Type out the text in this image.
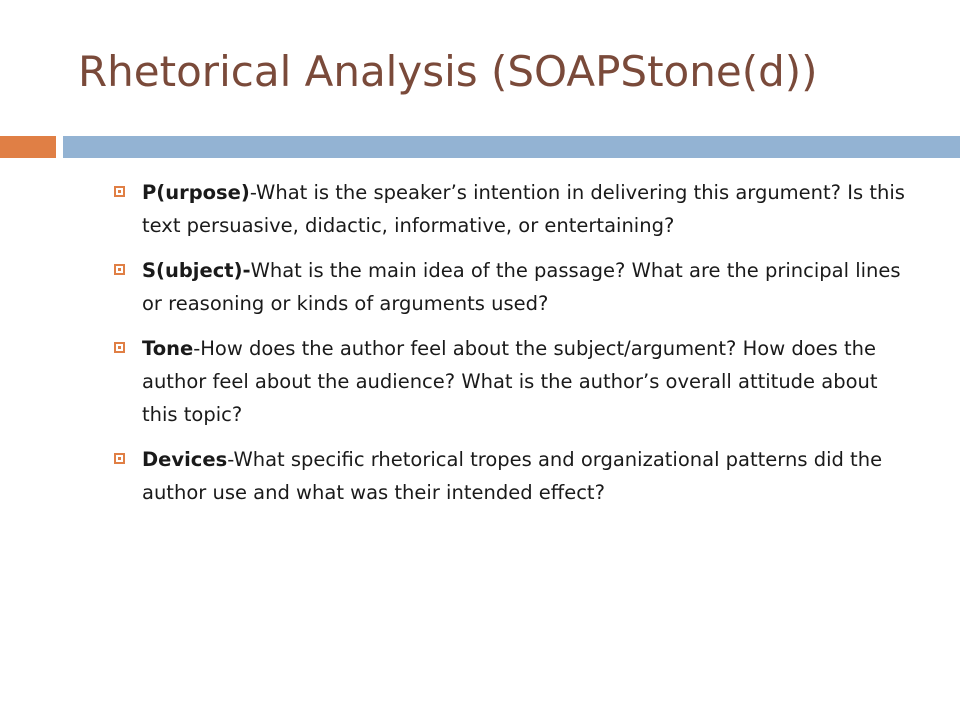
Rhetorical Analysis (SOAPStone(d))
P(urpose)-What is the speaker’s intention in delivering this argument? Is this text persuasive, didactic, informative, or entertaining?
S(ubject)-What is the main idea of the passage? What are the principal lines or reasoning or kinds of arguments used?
Tone-How does the author feel about the subject/argument? How does the author feel about the audience? What is the author’s overall attitude about this topic?
Devices-What specific rhetorical tropes and organizational patterns did the author use and what was their intended effect?
